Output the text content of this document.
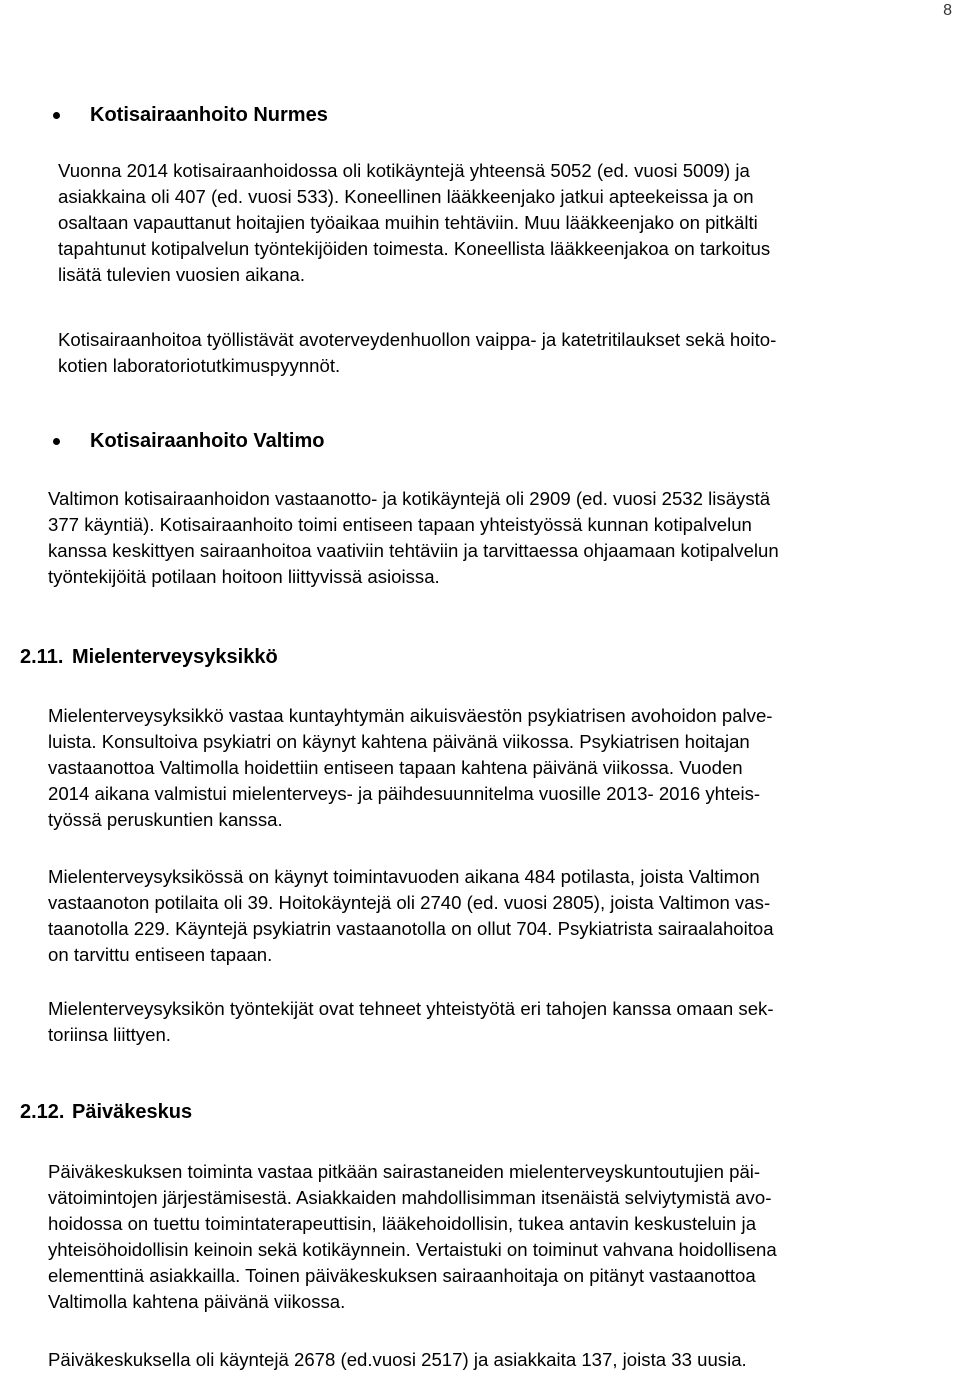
8
Kotisairaanhoito Nurmes
Vuonna 2014 kotisairaanhoidossa oli kotikäyntejä yhteensä 5052 (ed. vuosi 5009) ja
asiakkaina oli 407 (ed. vuosi 533). Koneellinen lääkkeenjako jatkui apteekeissa ja on
osaltaan vapauttanut hoitajien työaikaa muihin tehtäviin. Muu lääkkeenjako on pitkälti
tapahtunut kotipalvelun työntekijöiden toimesta. Koneellista lääkkeenjakoa on tarkoitus
lisätä tulevien vuosien aikana.
Kotisairaanhoitoa työllistävät avoterveydenhuollon vaippa- ja katetritilaukset sekä hoito-
kotien laboratoriotutkimuspyynnöt.
Kotisairaanhoito Valtimo
Valtimon kotisairaanhoidon vastaanotto- ja kotikäyntejä oli 2909 (ed. vuosi 2532 lisäystä
377 käyntiä). Kotisairaanhoito toimi entiseen tapaan yhteistyössä kunnan kotipalvelun
kanssa keskittyen sairaanhoitoa vaativiin tehtäviin ja tarvittaessa ohjaamaan kotipalvelun
työntekijöitä potilaan hoitoon liittyvissä asioissa.
2.11. Mielenterveysyksikkö
Mielenterveysyksikkö vastaa kuntayhtymän aikuisväestön psykiatrisen avohoidon palve-
luista. Konsultoiva psykiatri on käynyt kahtena päivänä viikossa. Psykiatrisen hoitajan
vastaanottoa Valtimolla hoidettiin entiseen tapaan kahtena päivänä viikossa. Vuoden
2014 aikana valmistui mielenterveys- ja päihdesuunnitelma vuosille 2013- 2016 yhteis-
työssä peruskuntien kanssa.
Mielenterveysyksikössä on käynyt toimintavuoden aikana 484 potilasta, joista Valtimon
vastaanoton potilaita oli 39. Hoitokäyntejä oli 2740 (ed. vuosi 2805), joista Valtimon vas-
taanotolla 229. Käyntejä psykiatrin vastaanotolla on ollut 704. Psykiatrista sairaalahoitoa
on tarvittu entiseen tapaan.
Mielenterveysyksikön työntekijät ovat tehneet yhteistyötä eri tahojen kanssa omaan sek-
toriinsa liittyen.
2.12. Päiväkeskus
Päiväkeskuksen toiminta vastaa pitkään sairastaneiden mielenterveyskuntoutujien päi-
vätoimintojen järjestämisestä. Asiakkaiden mahdollisimman itsenäistä selviytymistä avo-
hoidossa on tuettu toimintaterapeuttisin, lääkehoidollisin, tukea antavin keskusteluin ja
yhteisöhoidollisin keinoin sekä kotikäynnein. Vertaistuki on toiminut vahvana hoidollisena
elementtinä asiakkailla. Toinen päiväkeskuksen sairaanhoitaja on pitänyt vastaanottoa
Valtimolla kahtena päivänä viikossa.
Päiväkeskuksella oli käyntejä 2678 (ed.vuosi 2517) ja asiakkaita 137, joista 33 uusia.
